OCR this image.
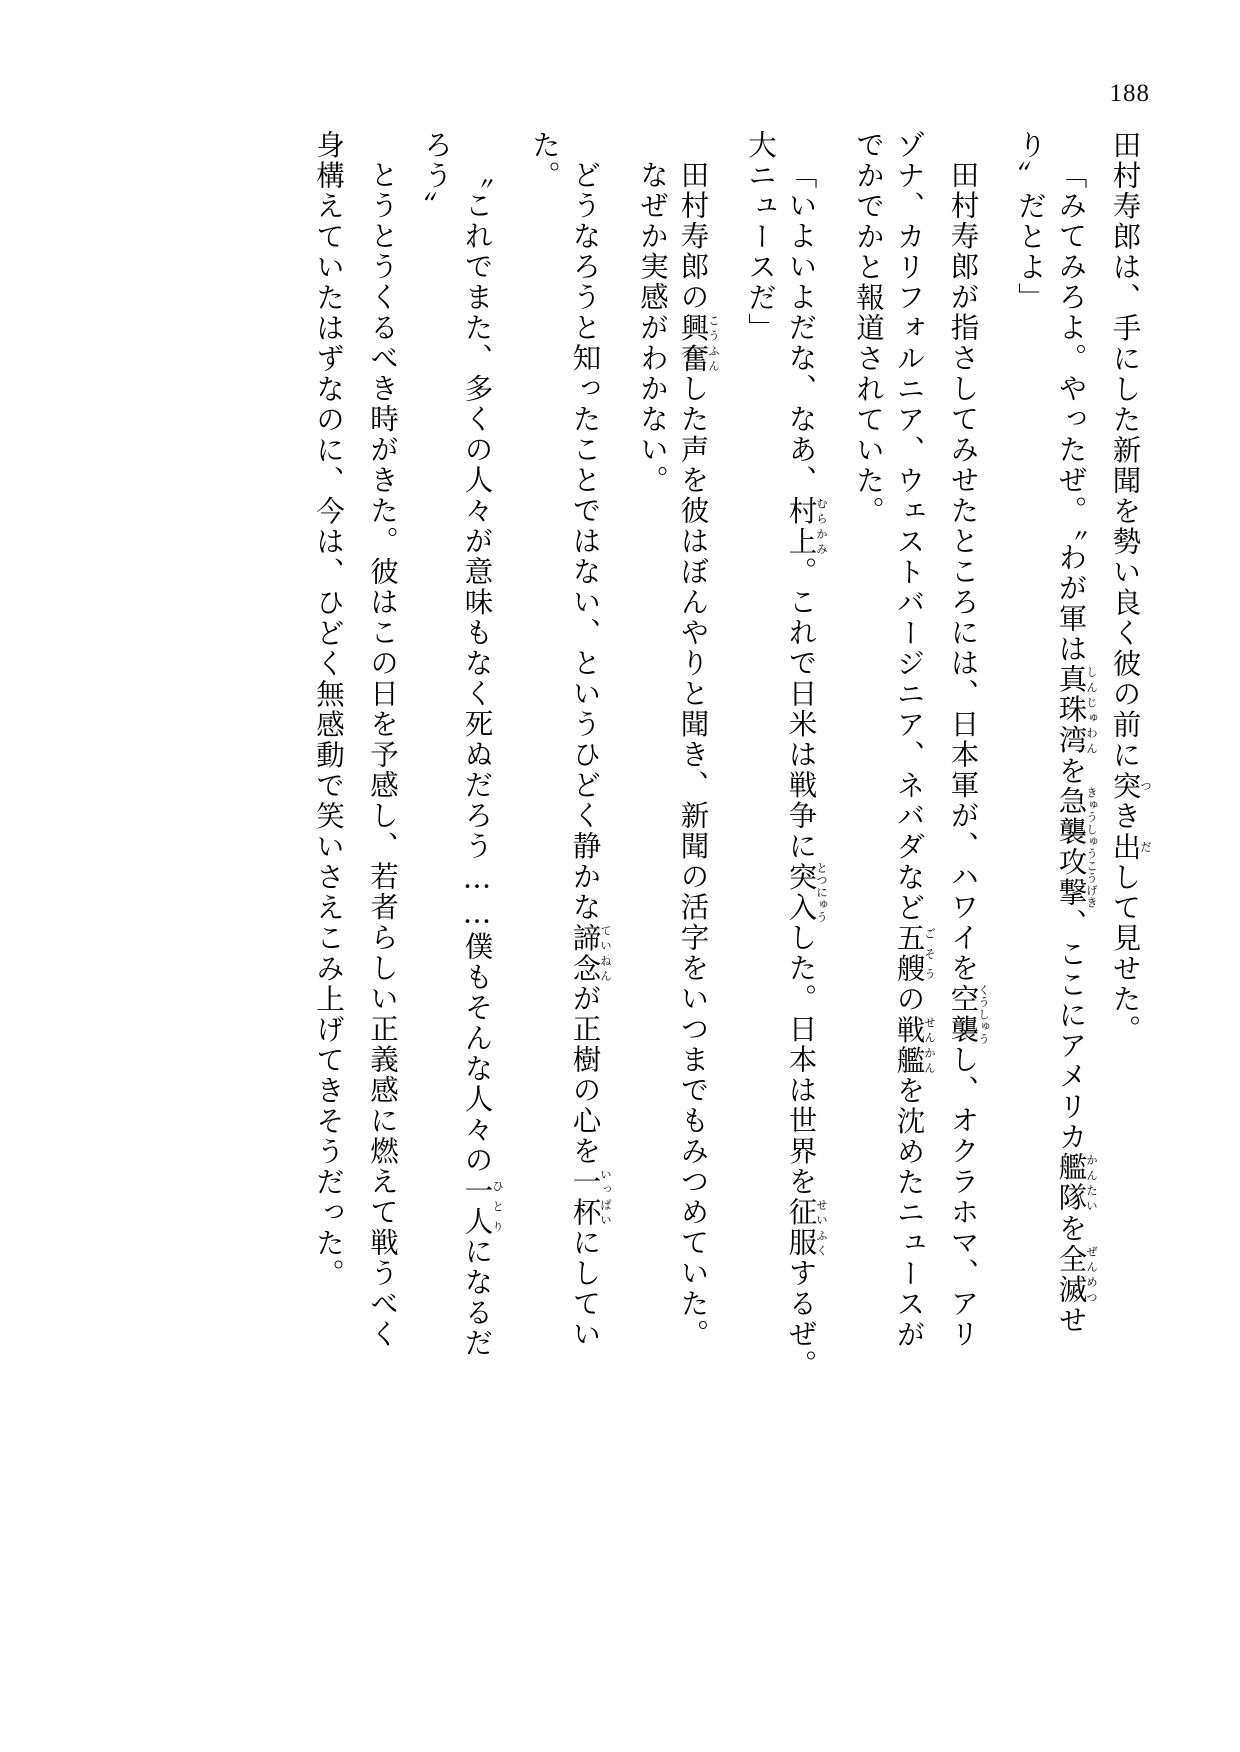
188
田村寿郎は、手にした新聞を勢い良く彼の前に突つき出だして見せた。
「みてみろよ。やったぜ。〝わが軍は真珠湾しんじゅわんを急襲攻撃きゅうしゅうこうげき、ここにアメリカ艦隊かんたいを全滅ぜんめつせ
り〟だとよ」
田村寿郎が指さしてみせたところには、日本軍が、ハワイを空襲くうしゅうし、オクラホマ、アリ
ゾナ、カリフォルニア、ウェストバージニア、ネバダなど五艘ごそうの戦艦せんかんを沈めたニュースが
でかでかと報道されていた。
「いよいよだな、なあ、村上むらかみ。これで日米は戦争に突入とつにゅうした。日本は世界を征服せいふくするぜ。
大ニュースだ」
田村寿郎の興奮こうふんした声を彼はぼんやりと聞き、新聞の活字をいつまでもみつめていた。
なぜか実感がわかない。
どうなろうと知ったことではない、というひどく静かな諦念ていねんが正樹の心を一杯いっぱいにしてい
た。
〝これでまた、多くの人々が意味もなく死ぬだろう……僕もそんな人々の一人ひとりになるだ
ろう〟
とうとうくるべき時がきた。彼はこの日を予感し、若者らしい正義感に燃えて戦うべく
身構えていたはずなのに、今は、ひどく無感動で笑いさえこみ上げてきそうだった。
